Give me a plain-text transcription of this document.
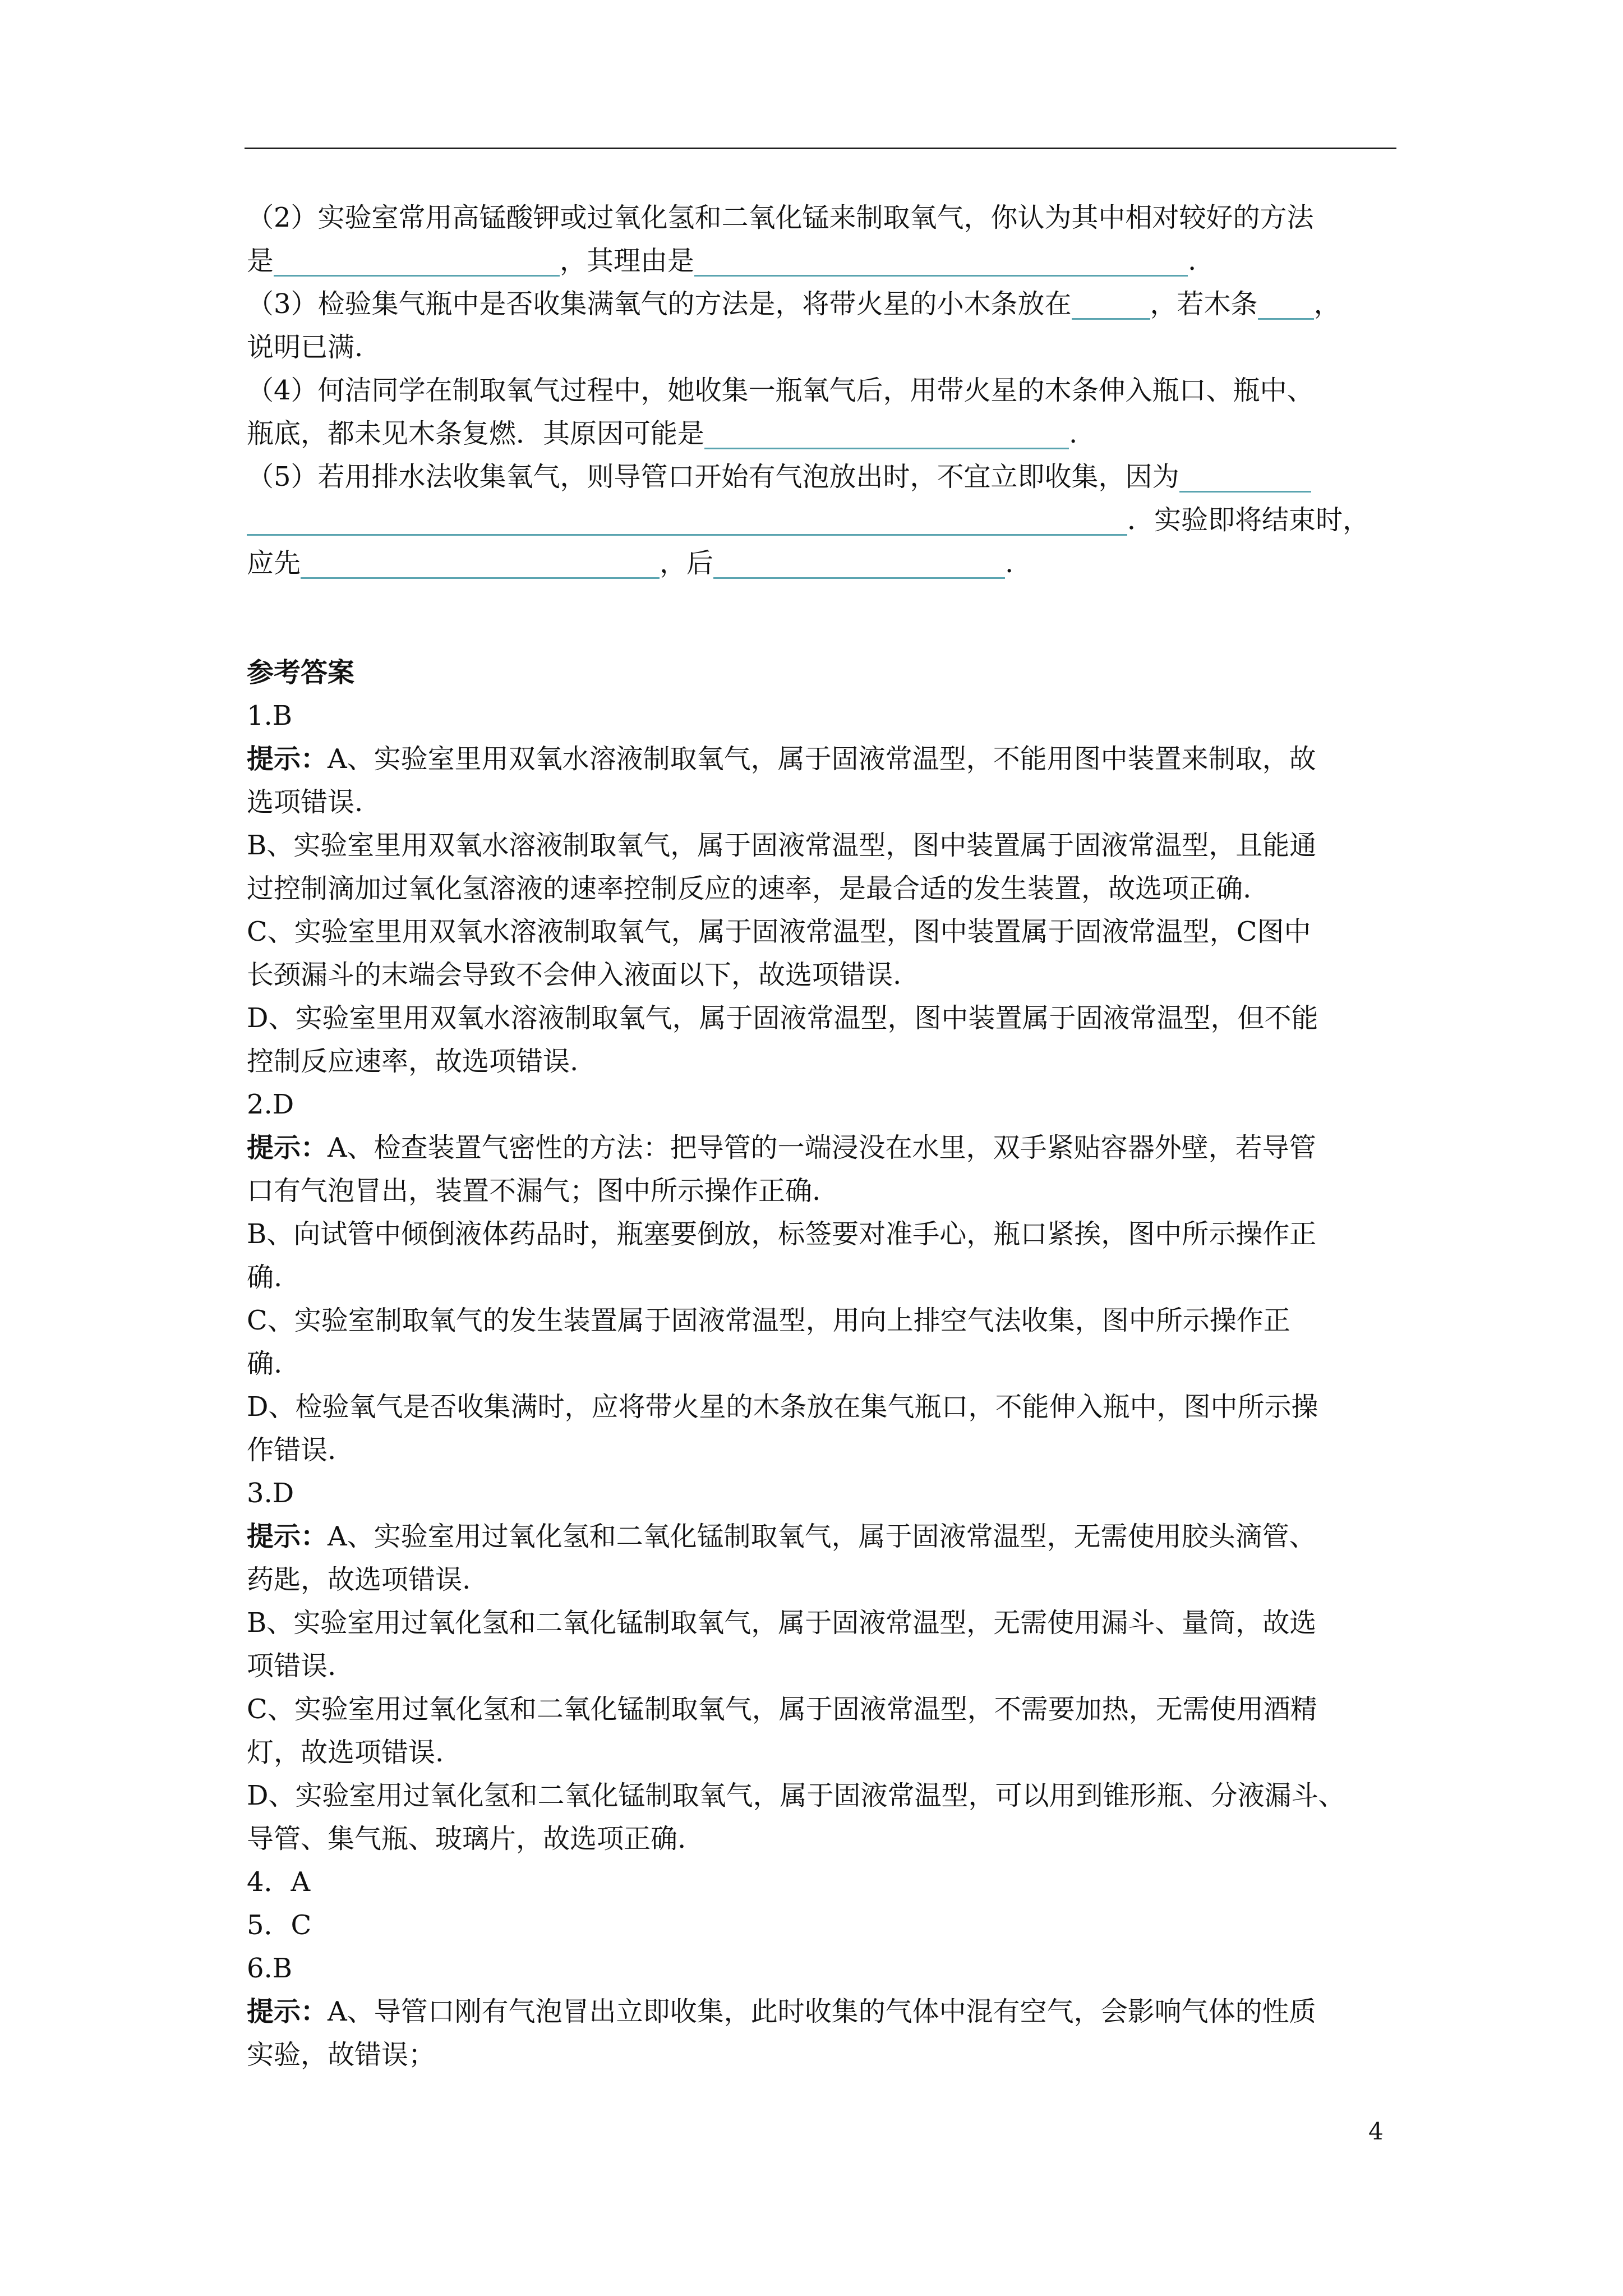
（2）实验室常用高锰酸钾或过氧化氢和二氧化锰来制取氧气，你认为其中相对较好的方法
是	，其理由是	.
（3）检验集气瓶中是否收集满氧气的方法是，将带火星的小木条放在	，若木条 ，
说明已满.
（4）何洁同学在制取氧气过程中，她收集一瓶氧气后，用带火星的木条伸入瓶口、瓶中、
瓶底，都未见木条复燃．其原因可能是	.
（5）若用排水法收集氧气，则导管口开始有气泡放出时，不宜立即收集，因为
．实验即将结束时，
应先	，后	.
参考答案
1.B
提示：A、实验室里用双氧水溶液制取氧气，属于固液常温型，不能用图中装置来制取，故
选项错误.
B、实验室里用双氧水溶液制取氧气，属于固液常温型，图中装置属于固液常温型，且能通
过控制滴加过氧化氢溶液的速率控制反应的速率，是最合适的发生装置，故选项正确.
C、实验室里用双氧水溶液制取氧气，属于固液常温型，图中装置属于固液常温型，C图中
长颈漏斗的末端会导致不会伸入液面以下，故选项错误.
D、实验室里用双氧水溶液制取氧气，属于固液常温型，图中装置属于固液常温型，但不能
控制反应速率，故选项错误.
2.D
提示：A、检查装置气密性的方法：把导管的一端浸没在水里，双手紧贴容器外壁，若导管
口有气泡冒出，装置不漏气；图中所示操作正确.
B、向试管中倾倒液体药品时，瓶塞要倒放，标签要对准手心，瓶口紧挨，图中所示操作正
确.
C、实验室制取氧气的发生装置属于固液常温型，用向上排空气法收集，图中所示操作正
确.
D、检验氧气是否收集满时，应将带火星的木条放在集气瓶口，不能伸入瓶中，图中所示操
作错误.
3.D
提示：A、实验室用过氧化氢和二氧化锰制取氧气，属于固液常温型，无需使用胶头滴管、
药匙，故选项错误.
B、实验室用过氧化氢和二氧化锰制取氧气，属于固液常温型，无需使用漏斗、量筒，故选
项错误.
C、实验室用过氧化氢和二氧化锰制取氧气，属于固液常温型，不需要加热，无需使用酒精
灯，故选项错误.
D、实验室用过氧化氢和二氧化锰制取氧气，属于固液常温型，可以用到锥形瓶、分液漏斗、
导管、集气瓶、玻璃片，故选项正确.
4．A
5．C
6.B
提示：A、导管口刚有气泡冒出立即收集，此时收集的气体中混有空气，会影响气体的性质
实验，故错误；
4
